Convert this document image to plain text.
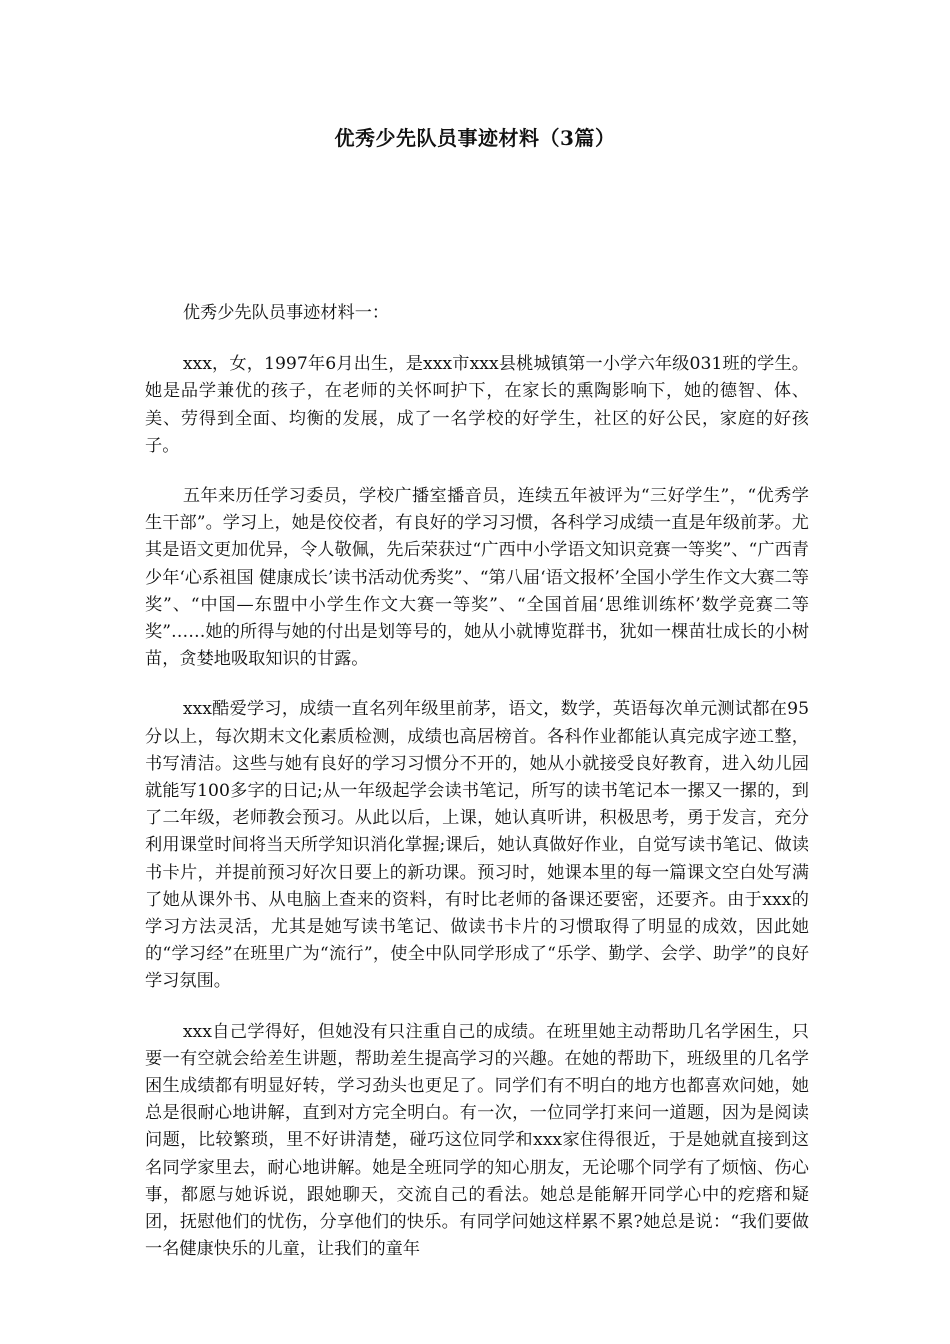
优秀少先队员事迹材料（3篇）

优秀少先队员事迹材料一：

xxx，女，1997年6月出生，是xxx市xxx县桃城镇第一小学六年级031班的学生。她是品学兼优的孩子，在老师的关怀呵护下，在家长的熏陶影响下，她的德智、体、美、劳得到全面、均衡的发展，成了一名学校的好学生，社区的好公民，家庭的好孩子。

五年来历任学习委员，学校广播室播音员，连续五年被评为“三好学生”，“优秀学生干部”。学习上，她是佼佼者，有良好的学习习惯，各科学习成绩一直是年级前茅。尤其是语文更加优异，令人敬佩，先后荣获过“广西中小学语文知识竞赛一等奖”、“广西青少年‘心系祖国 健康成长’读书活动优秀奖”、“第八届‘语文报杯’全国小学生作文大赛二等奖”、“中国—东盟中小学生作文大赛一等奖”、“全国首届‘思维训练杯’数学竞赛二等奖”……她的所得与她的付出是划等号的，她从小就博览群书，犹如一棵苗壮成长的小树苗，贪婪地吸取知识的甘露。

xxx酷爱学习，成绩一直名列年级里前茅，语文，数学，英语每次单元测试都在95分以上，每次期末文化素质检测，成绩也高居榜首。各科作业都能认真完成字迹工整，书写清洁。这些与她有良好的学习习惯分不开的，她从小就接受良好教育，进入幼儿园就能写100多字的日记;从一年级起学会读书笔记，所写的读书笔记本一摞又一摞的，到了二年级，老师教会预习。从此以后，上课，她认真听讲，积极思考，勇于发言，充分利用课堂时间将当天所学知识消化掌握;课后，她认真做好作业，自觉写读书笔记、做读书卡片，并提前预习好次日要上的新功课。预习时，她课本里的每一篇课文空白处写满了她从课外书、从电脑上查来的资料，有时比老师的备课还要密，还要齐。由于xxx的学习方法灵活，尤其是她写读书笔记、做读书卡片的习惯取得了明显的成效，因此她的“学习经”在班里广为“流行”，使全中队同学形成了“乐学、勤学、会学、助学”的良好学习氛围。

xxx自己学得好，但她没有只注重自己的成绩。在班里她主动帮助几名学困生，只要一有空就会给差生讲题，帮助差生提高学习的兴趣。在她的帮助下，班级里的几名学困生成绩都有明显好转，学习劲头也更足了。同学们有不明白的地方也都喜欢问她，她总是很耐心地讲解，直到对方完全明白。有一次，一位同学打来问一道题，因为是阅读问题，比较繁琐，里不好讲清楚，碰巧这位同学和xxx家住得很近，于是她就直接到这名同学家里去，耐心地讲解。她是全班同学的知心朋友，无论哪个同学有了烦恼、伤心事，都愿与她诉说，跟她聊天，交流自己的看法。她总是能解开同学心中的疙瘩和疑团，抚慰他们的忧伤，分享他们的快乐。有同学问她这样累不累?她总是说：“我们要做一名健康快乐的儿童，让我们的童年
